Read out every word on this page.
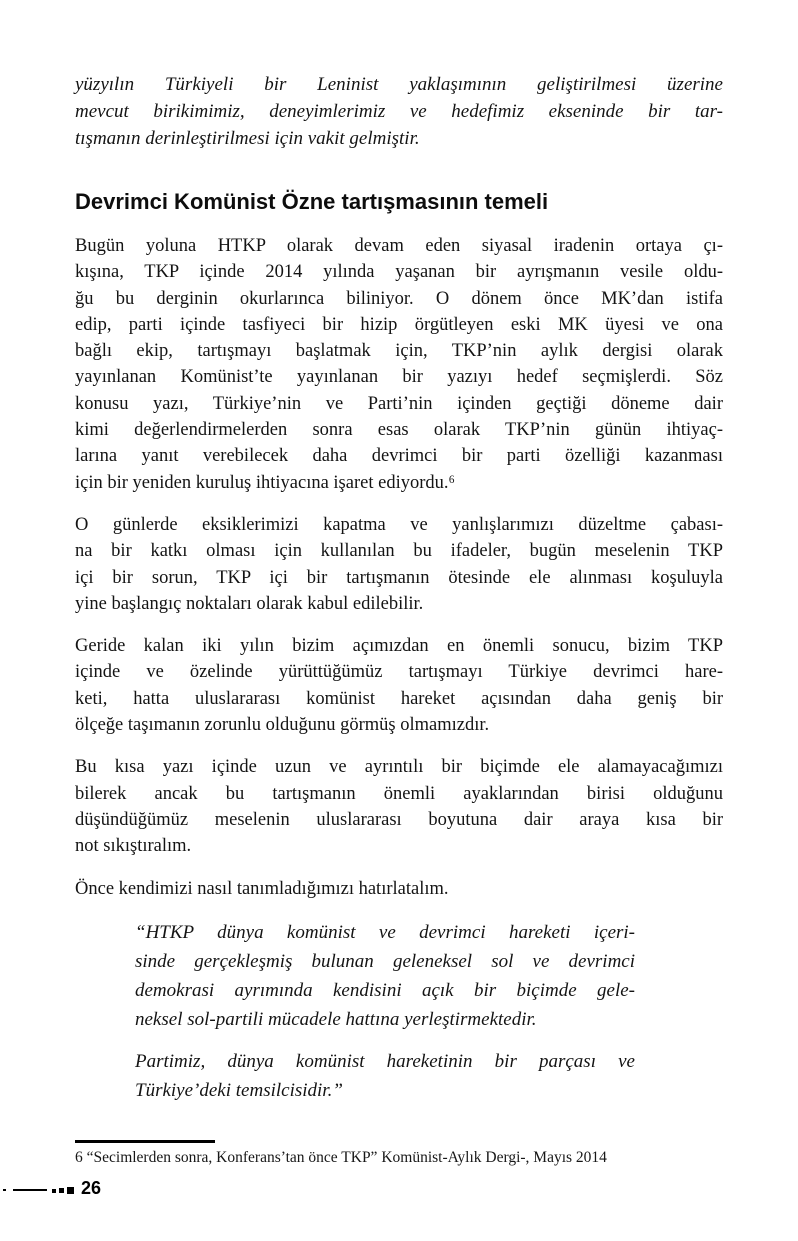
yüzyılın Türkiyeli bir Leninist yaklaşımının geliştirilmesi üzerine
mevcut birikimimiz, deneyimlerimiz ve hedefimiz ekseninde bir tar-
tışmanın derinleştirilmesi için vakit gelmiştir.
Devrimci Komünist Özne tartışmasının temeli
Bugün yoluna HTKP olarak devam eden siyasal iradenin ortaya çı-
kışına, TKP içinde 2014 yılında yaşanan bir ayrışmanın vesile oldu-
ğu bu derginin okurlarınca biliniyor. O dönem önce MK’dan istifa
edip, parti içinde tasfiyeci bir hizip örgütleyen eski MK üyesi ve ona
bağlı ekip, tartışmayı başlatmak için, TKP’nin aylık dergisi olarak
yayınlanan Komünist’te yayınlanan bir yazıyı hedef seçmişlerdi. Söz
konusu yazı, Türkiye’nin ve Parti’nin içinden geçtiği döneme dair
kimi değerlendirmelerden sonra esas olarak TKP’nin günün ihtiyaç-
larına yanıt verebilecek daha devrimci bir parti özelliği kazanması
için bir yeniden kuruluş ihtiyacına işaret ediyordu.⁶
O günlerde eksiklerimizi kapatma ve yanlışlarımızı düzeltme çabası-
na bir katkı olması için kullanılan bu ifadeler, bugün meselenin TKP
içi bir sorun, TKP içi bir tartışmanın ötesinde ele alınması koşuluyla
yine başlangıç noktaları olarak kabul edilebilir.
Geride kalan iki yılın bizim açımızdan en önemli sonucu, bizim TKP
içinde ve özelinde yürüttüğümüz tartışmayı Türkiye devrimci hare-
keti, hatta uluslararası komünist hareket açısından daha geniş bir
ölçeğe taşımanın zorunlu olduğunu görmüş olmamızdır.
Bu kısa yazı içinde uzun ve ayrıntılı bir biçimde ele alamayacağımızı
bilerek ancak bu tartışmanın önemli ayaklarından birisi olduğunu
düşündüğümüz meselenin uluslararası boyutuna dair araya kısa bir
not sıkıştıralım.
Önce kendimizi nasıl tanımladığımızı hatırlatalım.
“HTKP dünya komünist ve devrimci hareketi içeri-
sinde gerçekleşmiş bulunan geleneksel sol ve devrimci
demokrasi ayrımında kendisini açık bir biçimde gele-
neksel sol-partili mücadele hattına yerleştirmektedir.
Partimiz, dünya komünist hareketinin bir parçası ve
Türkiye’deki temsilcisidir.”
6 “Secimlerden sonra, Konferans’tan önce TKP” Komünist-Aylık Dergi-, Mayıs 2014
26
